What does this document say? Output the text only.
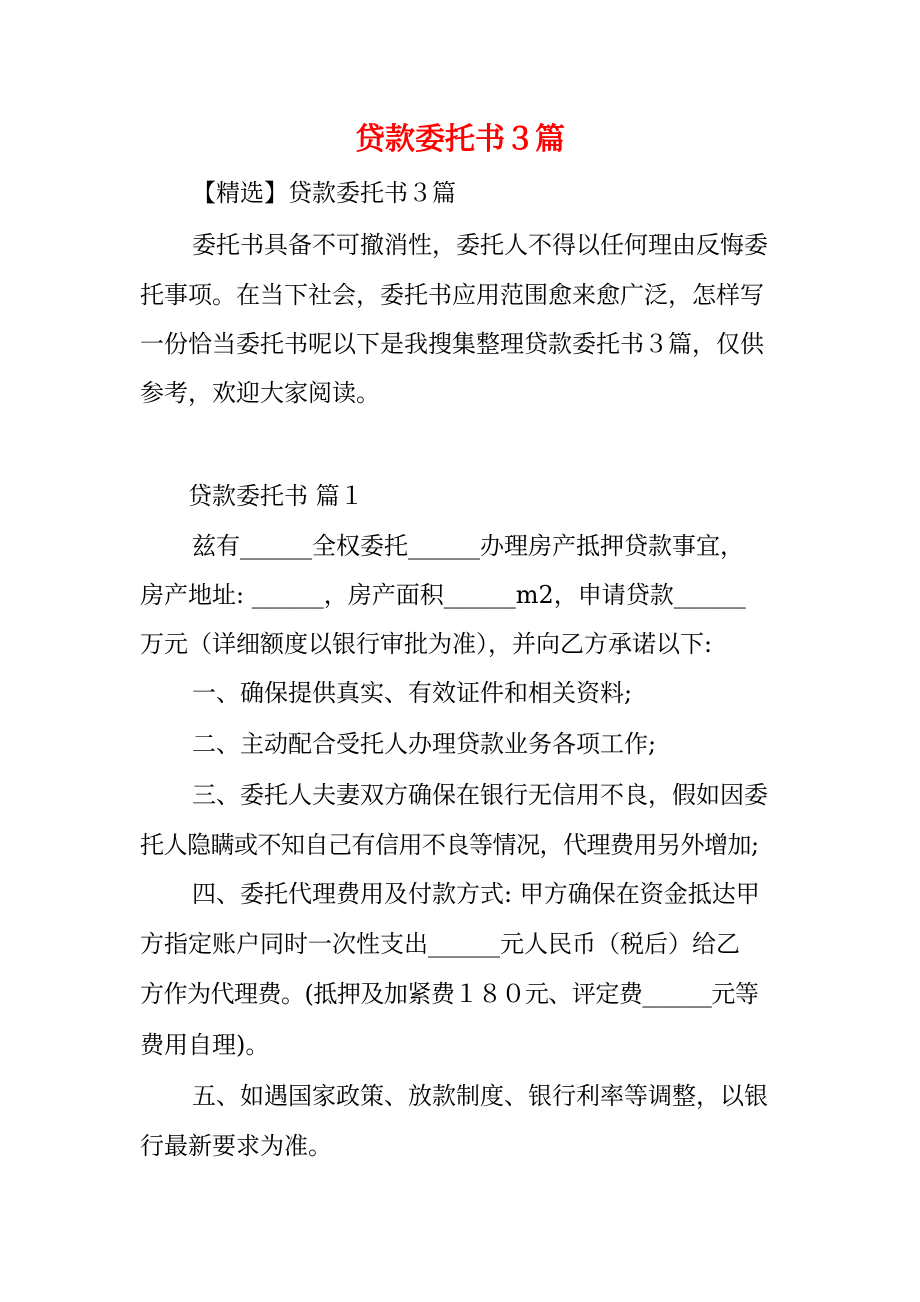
贷款委托书３篇
【精选】贷款委托书３篇
委托书具备不可撤消性，委托人不得以任何理由反悔委
托事项。在当下社会，委托书应用范围愈来愈广泛，怎样写
一份恰当委托书呢以下是我搜集整理贷款委托书３篇，仅供
参考，欢迎大家阅读。
贷款委托书 篇１
兹有______全权委托______办理房产抵押贷款事宜，
房产地址: ______，房产面积______m2，申请贷款______
万元（详细额度以银行审批为准），并向乙方承诺以下:
一、确保提供真实、有效证件和相关资料;
二、主动配合受托人办理贷款业务各项工作;
三、委托人夫妻双方确保在银行无信用不良，假如因委
托人隐瞒或不知自己有信用不良等情况，代理费用另外增加;
四、委托代理费用及付款方式: 甲方确保在资金抵达甲
方指定账户同时一次性支出______元人民币（税后）给乙
方作为代理费。(抵押及加紧费１８０元、评定费______元等
费用自理)。
五、如遇国家政策、放款制度、银行利率等调整，以银
行最新要求为准。
